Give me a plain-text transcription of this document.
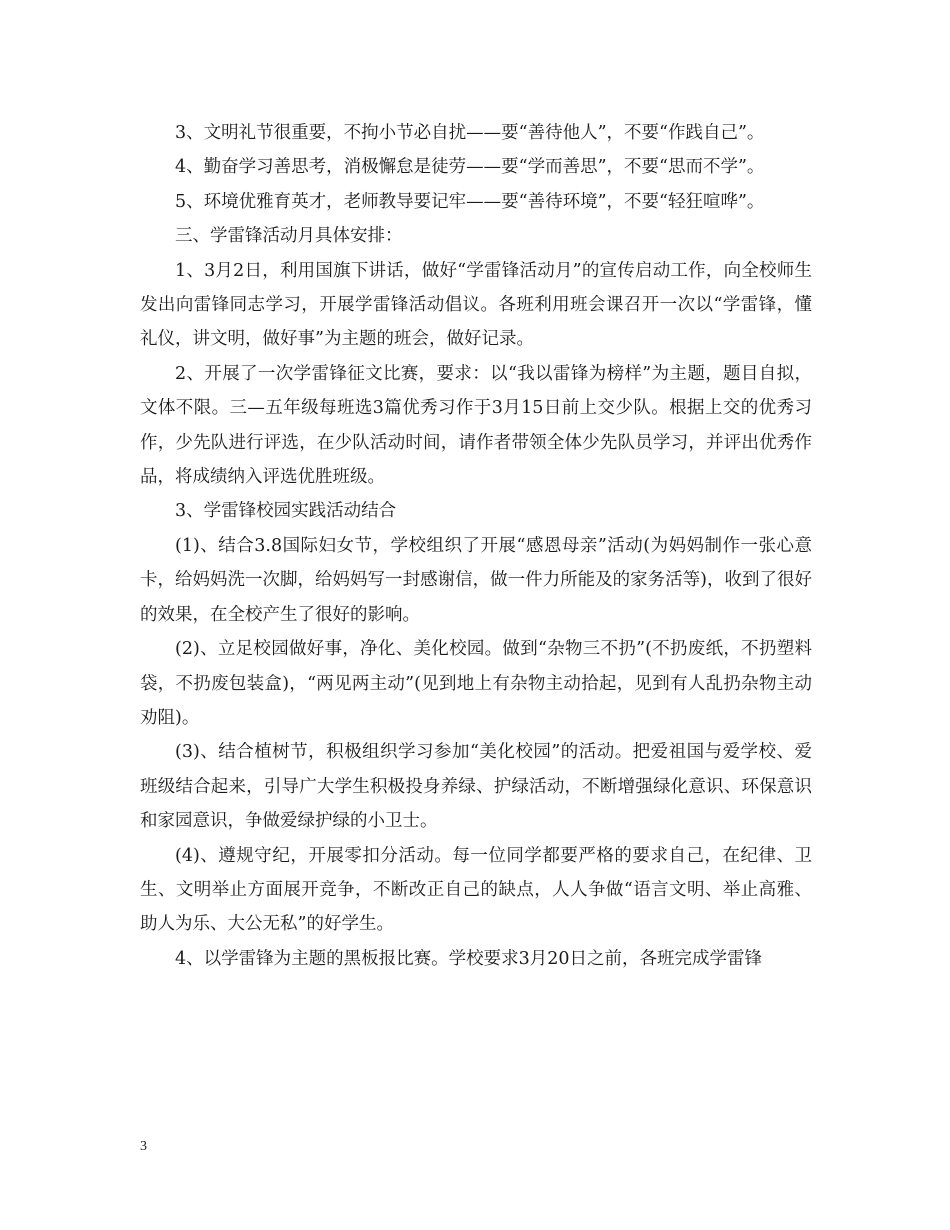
3、文明礼节很重要，不拘小节必自扰——要“善待他人”，不要“作践自己”。

4、勤奋学习善思考，消极懈怠是徒劳——要“学而善思”，不要“思而不学”。

5、环境优雅育英才，老师教导要记牢——要“善待环境”，不要“轻狂喧哗”。

三、学雷锋活动月具体安排：

1、3月2日，利用国旗下讲话，做好“学雷锋活动月”的宣传启动工作，向全校师生发出向雷锋同志学习，开展学雷锋活动倡议。各班利用班会课召开一次以“学雷锋，懂礼仪，讲文明，做好事”为主题的班会，做好记录。

2、开展了一次学雷锋征文比赛，要求：以“我以雷锋为榜样”为主题，题目自拟，文体不限。三—五年级每班选3篇优秀习作于3月15日前上交少队。根据上交的优秀习作，少先队进行评选，在少队活动时间，请作者带领全体少先队员学习，并评出优秀作品，将成绩纳入评选优胜班级。

3、学雷锋校园实践活动结合

(1)、结合3.8国际妇女节，学校组织了开展“感恩母亲”活动(为妈妈制作一张心意卡，给妈妈洗一次脚，给妈妈写一封感谢信，做一件力所能及的家务活等)，收到了很好的效果，在全校产生了很好的影响。

(2)、立足校园做好事，净化、美化校园。做到“杂物三不扔”(不扔废纸，不扔塑料袋，不扔废包装盒)，“两见两主动”(见到地上有杂物主动拾起，见到有人乱扔杂物主动劝阻)。

(3)、结合植树节，积极组织学习参加“美化校园”的活动。把爱祖国与爱学校、爱班级结合起来，引导广大学生积极投身养绿、护绿活动，不断增强绿化意识、环保意识和家园意识，争做爱绿护绿的小卫士。

(4)、遵规守纪，开展零扣分活动。每一位同学都要严格的要求自己，在纪律、卫生、文明举止方面展开竞争，不断改正自己的缺点，人人争做“语言文明、举止高雅、助人为乐、大公无私”的好学生。

4、以学雷锋为主题的黑板报比赛。学校要求3月20日之前，各班完成学雷锋

3
